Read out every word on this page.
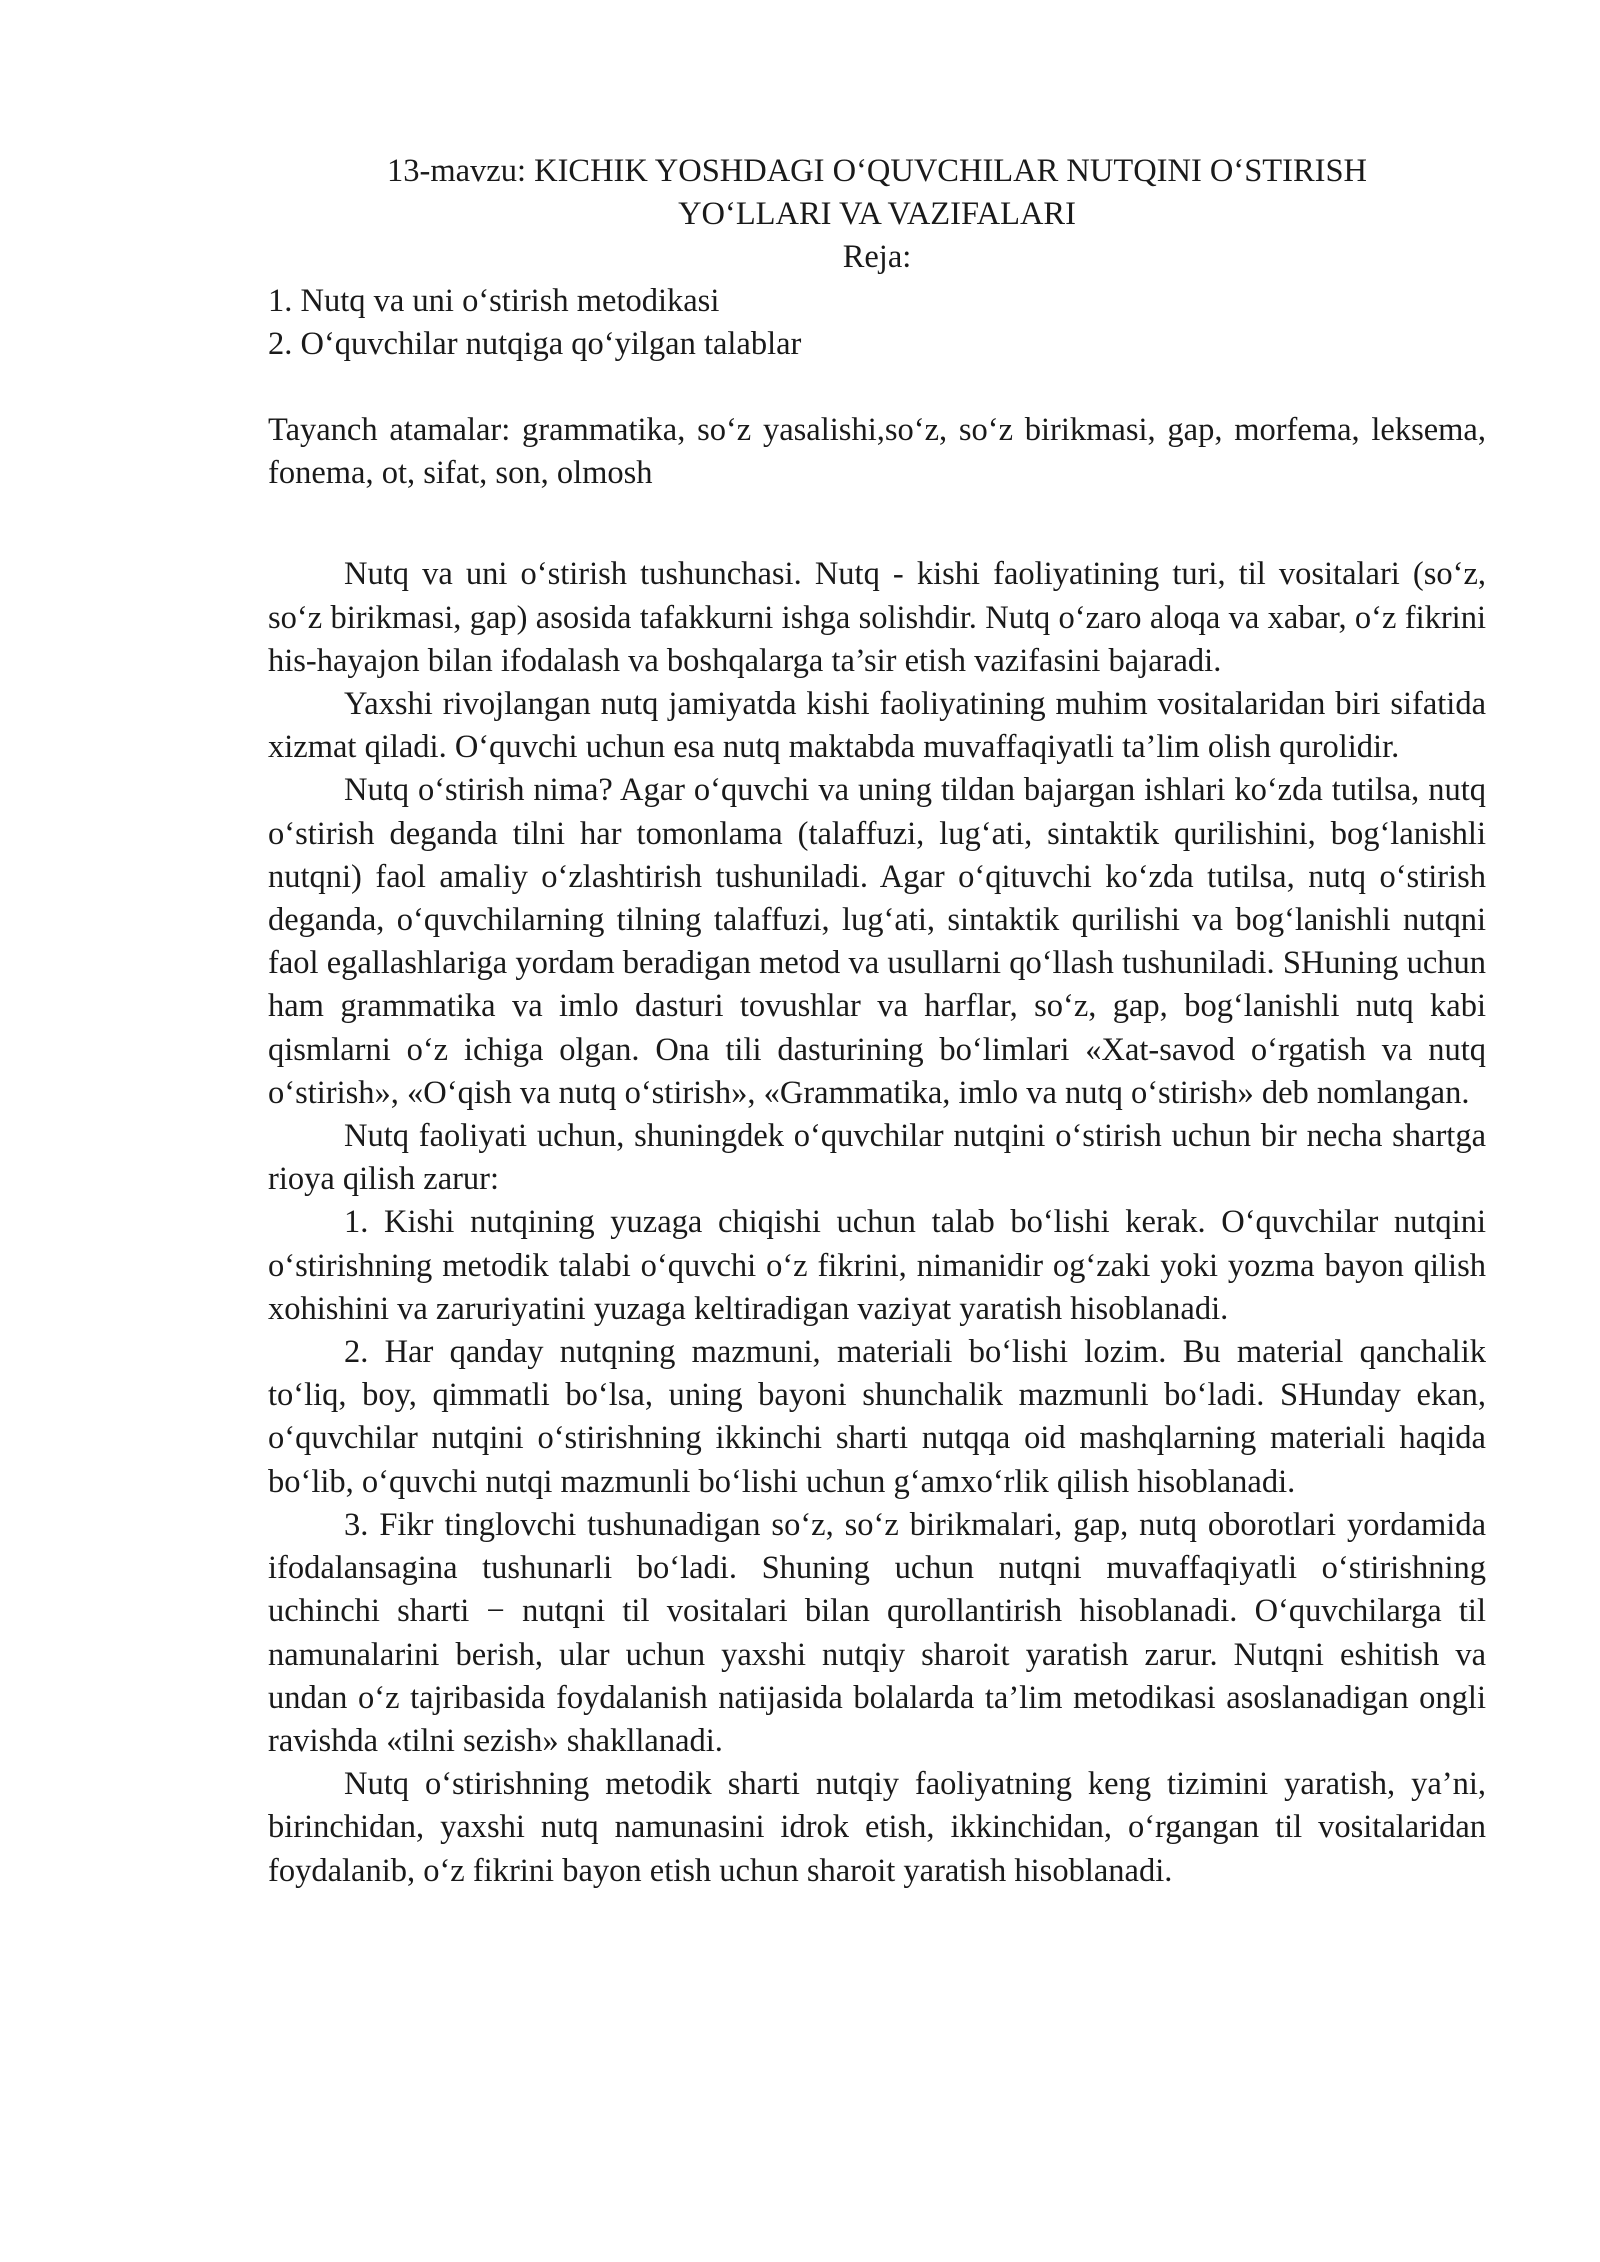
13-mavzu: KICHIK YOSHDAGI O‘QUVCHILAR NUTQINI O‘STIRISH
YO‘LLARI VA VAZIFALARI

Reja:

1. Nutq va uni o‘stirish metodikasi

2. O‘quvchilar nutqiga qo‘yilgan talablar

Tayanch atamalar: grammatika, so‘z yasalishi,so‘z, so‘z birikmasi, gap, morfema, leksema, fonema, ot, sifat, son, olmosh

Nutq va uni o‘stirish tushunchasi. Nutq - kishi faoliyatining turi, til vositalari (so‘z, so‘z birikmasi, gap) asosida tafakkurni ishga solishdir. Nutq o‘zaro aloqa va xabar, o‘z fikrini his-hayajon bilan ifodalash va boshqalarga ta’sir etish vazifasini bajaradi.

Yaxshi rivojlangan nutq jamiyatda kishi faoliyatining muhim vositalaridan biri sifatida xizmat qiladi. O‘quvchi uchun esa nutq maktabda muvaffaqiyatli ta’lim olish qurolidir.

Nutq o‘stirish nima? Agar o‘quvchi va uning tildan bajargan ishlari ko‘zda tutilsa, nutq o‘stirish deganda tilni har tomonlama (talaffuzi, lug‘ati, sintaktik qurilishini, bog‘lanishli nutqni) faol amaliy o‘zlashtirish tushuniladi. Agar o‘qituvchi ko‘zda tutilsa, nutq o‘stirish deganda, o‘quvchilarning tilning talaffuzi, lug‘ati, sintaktik qurilishi va bog‘lanishli nutqni faol egallashlariga yordam beradigan metod va usullarni qo‘llash tushuniladi. SHuning uchun ham grammatika va imlo dasturi tovushlar va harflar, so‘z, gap, bog‘lanishli nutq kabi qismlarni o‘z ichiga olgan. Ona tili dasturining bo‘limlari «Xat-savod o‘rgatish va nutq o‘stirish», «O‘qish va nutq o‘stirish», «Grammatika, imlo va nutq o‘stirish» deb nomlangan.

Nutq faoliyati uchun, shuningdek o‘quvchilar nutqini o‘stirish uchun bir necha shartga rioya qilish zarur:

1. Kishi nutqining yuzaga chiqishi uchun talab bo‘lishi kerak. O‘quvchilar nutqini o‘stirishning metodik talabi o‘quvchi o‘z fikrini, nimanidir og‘zaki yoki yozma bayon qilish xohishini va zaruriyatini yuzaga keltiradigan vaziyat yaratish hisoblanadi.

2. Har qanday nutqning mazmuni, materiali bo‘lishi lozim. Bu material qanchalik to‘liq, boy, qimmatli bo‘lsa, uning bayoni shunchalik mazmunli bo‘ladi. SHunday ekan, o‘quvchilar nutqini o‘stirishning ikkinchi sharti nutqqa oid mashqlarning materiali haqida bo‘lib, o‘quvchi nutqi mazmunli bo‘lishi uchun g‘amxo‘rlik qilish hisoblanadi.

3. Fikr tinglovchi tushunadigan so‘z, so‘z birikmalari, gap, nutq oborotlari yordamida ifodalansagina tushunarli bo‘ladi. Shuning uchun nutqni muvaffaqiyatli o‘stirishning uchinchi sharti − nutqni til vositalari bilan qurollantirish hisoblanadi. O‘quvchilarga til namunalarini berish, ular uchun yaxshi nutqiy sharoit yaratish zarur. Nutqni eshitish va undan o‘z tajribasida foydalanish natijasida bolalarda ta’lim metodikasi asoslanadigan ongli ravishda «tilni sezish» shakllanadi.

Nutq o‘stirishning metodik sharti nutqiy faoliyatning keng tizimini yaratish, ya’ni, birinchidan, yaxshi nutq namunasini idrok etish, ikkinchidan, o‘rgangan til vositalaridan foydalanib, o‘z fikrini bayon etish uchun sharoit yaratish hisoblanadi.
